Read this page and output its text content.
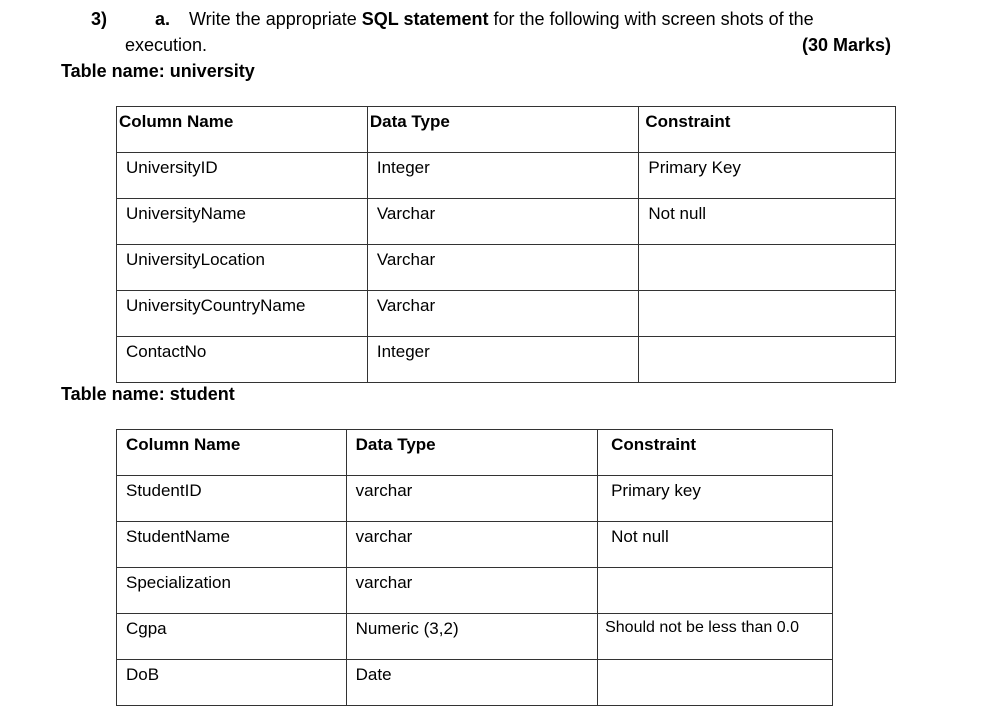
3)	a. Write the appropriate SQL statement for the following with screen shots of the
execution.	(30 Marks)
Table name: university
Column Name	Data Type	Constraint
UniversityID	Integer	Primary Key
UniversityName	Varchar	Not null
UniversityLocation	Varchar	
UniversityCountryName	Varchar	
ContactNo	Integer	
Table name: student
Column Name	Data Type	Constraint
StudentID	varchar	Primary key
StudentName	varchar	Not null
Specialization	varchar	
Cgpa	Numeric (3,2)	Should not be less than 0.0
DoB	Date	
